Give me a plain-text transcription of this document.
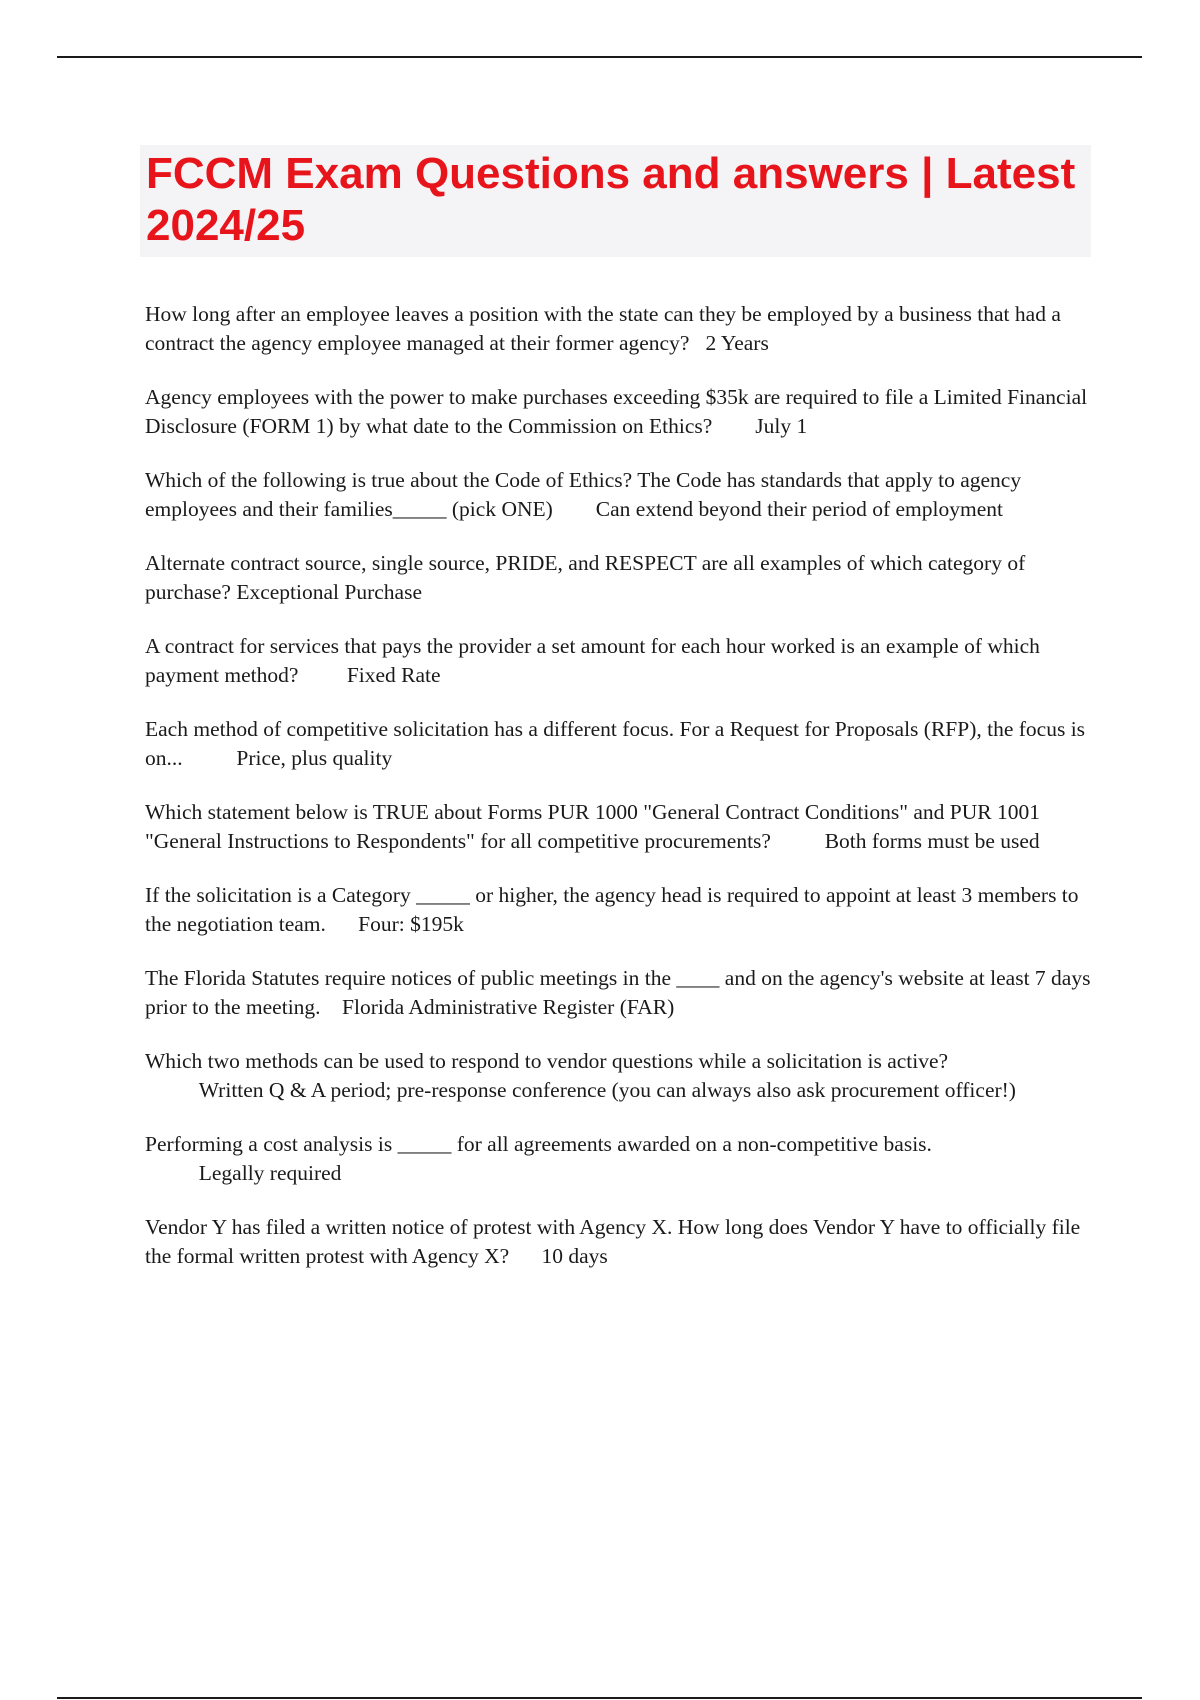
FCCM Exam Questions and answers | Latest 2024/25

How long after an employee leaves a position with the state can they be employed by a business that had a contract the agency employee managed at their former agency?   2 Years

Agency employees with the power to make purchases exceeding $35k are required to file a Limited Financial Disclosure (FORM 1) by what date to the Commission on Ethics?        July 1

Which of the following is true about the Code of Ethics? The Code has standards that apply to agency employees and their families_____ (pick ONE)        Can extend beyond their period of employment

Alternate contract source, single source, PRIDE, and RESPECT are all examples of which category of purchase? Exceptional Purchase

A contract for services that pays the provider a set amount for each hour worked is an example of which payment method?         Fixed Rate

Each method of competitive solicitation has a different focus. For a Request for Proposals (RFP), the focus is on...          Price, plus quality

Which statement below is TRUE about Forms PUR 1000 "General Contract Conditions" and PUR 1001 "General Instructions to Respondents" for all competitive procurements?          Both forms must be used

If the solicitation is a Category _____ or higher, the agency head is required to appoint at least 3 members to the negotiation team.      Four: $195k

The Florida Statutes require notices of public meetings in the ____ and on the agency's website at least 7 days prior to the meeting.    Florida Administrative Register (FAR)

Which two methods can be used to respond to vendor questions while a solicitation is active?
Written Q & A period; pre-response conference (you can always also ask procurement officer!)

Performing a cost analysis is _____ for all agreements awarded on a non-competitive basis.
Legally required

Vendor Y has filed a written notice of protest with Agency X. How long does Vendor Y have to officially file the formal written protest with Agency X?      10 days
